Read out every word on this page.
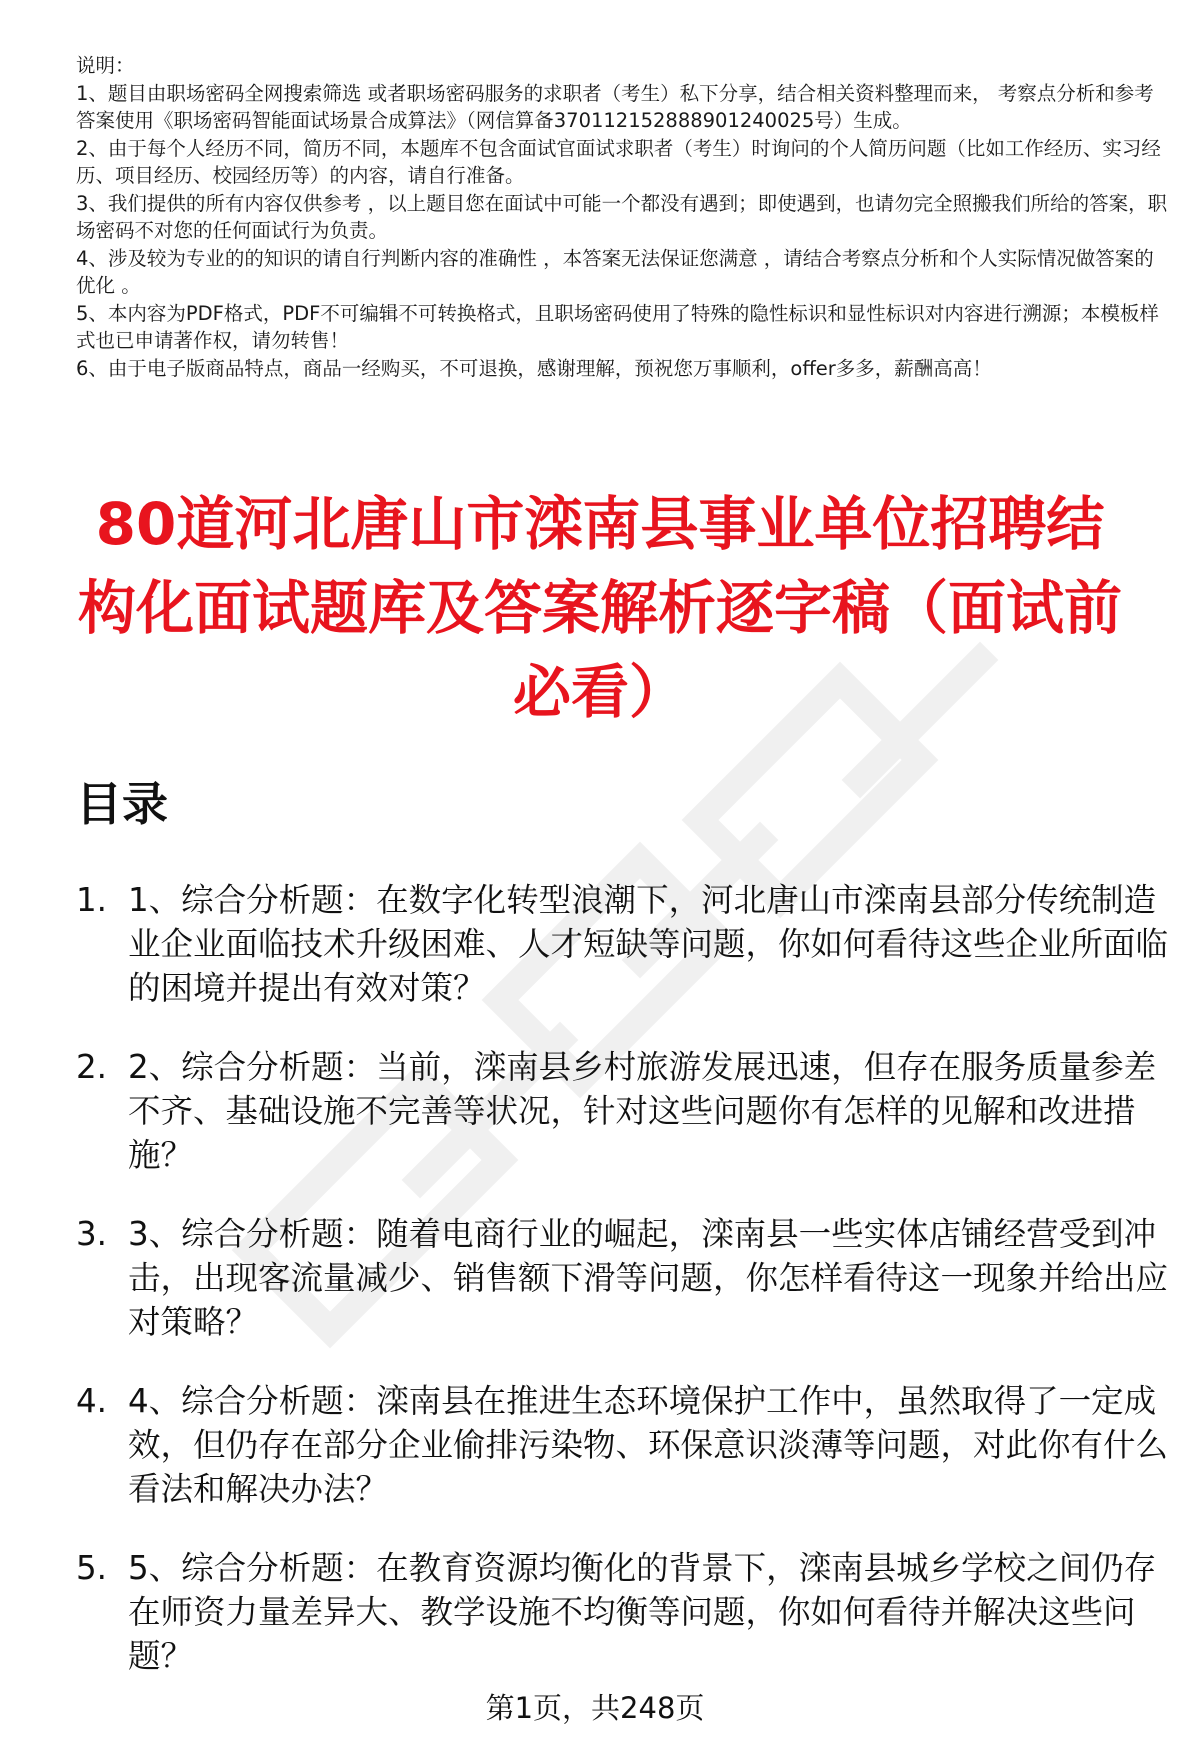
说明：

1、题目由职场密码全网搜索筛选 或者职场密码服务的求职者（考生）私下分享，结合相关资料整理而来， 考察点分析和参考答案使用《职场密码智能面试场景合成算法》（网信算备370112152888901240025号）生成。

2、由于每个人经历不同，简历不同，本题库不包含面试官面试求职者（考生）时询问的个人简历问题（比如工作经历、实习经历、项目经历、校园经历等）的内容，请自行准备。

3、我们提供的所有内容仅供参考 ，以上题目您在面试中可能一个都没有遇到；即使遇到，也请勿完全照搬我们所给的答案，职场密码不对您的任何面试行为负责。

4、涉及较为专业的的知识的请自行判断内容的准确性 ，本答案无法保证您满意 ，请结合考察点分析和个人实际情况做答案的优化 。

5、本内容为PDF格式，PDF不可编辑不可转换格式，且职场密码使用了特殊的隐性标识和显性标识对内容进行溯源；本模板样式也已申请著作权，请勿转售！

6、由于电子版商品特点，商品一经购买，不可退换，感谢理解，预祝您万事顺利，offer多多，薪酬高高！

80道河北唐山市滦南县事业单位招聘结构化面试题库及答案解析逐字稿（面试前必看）
目录
1. 1、综合分析题：在数字化转型浪潮下，河北唐山市滦南县部分传统制造业企业面临技术升级困难、人才短缺等问题，你如何看待这些企业所面临的困境并提出有效对策？
2. 2、综合分析题：当前，滦南县乡村旅游发展迅速，但存在服务质量参差不齐、基础设施不完善等状况，针对这些问题你有怎样的见解和改进措施？
3. 3、综合分析题：随着电商行业的崛起，滦南县一些实体店铺经营受到冲击，出现客流量减少、销售额下滑等问题，你怎样看待这一现象并给出应对策略？
4. 4、综合分析题：滦南县在推进生态环境保护工作中，虽然取得了一定成效，但仍存在部分企业偷排污染物、环保意识淡薄等问题，对此你有什么看法和解决办法？
5. 5、综合分析题：在教育资源均衡化的背景下，滦南县城乡学校之间仍存在师资力量差异大、教学设施不均衡等问题，你如何看待并解决这些问题？
第1页，共248页
